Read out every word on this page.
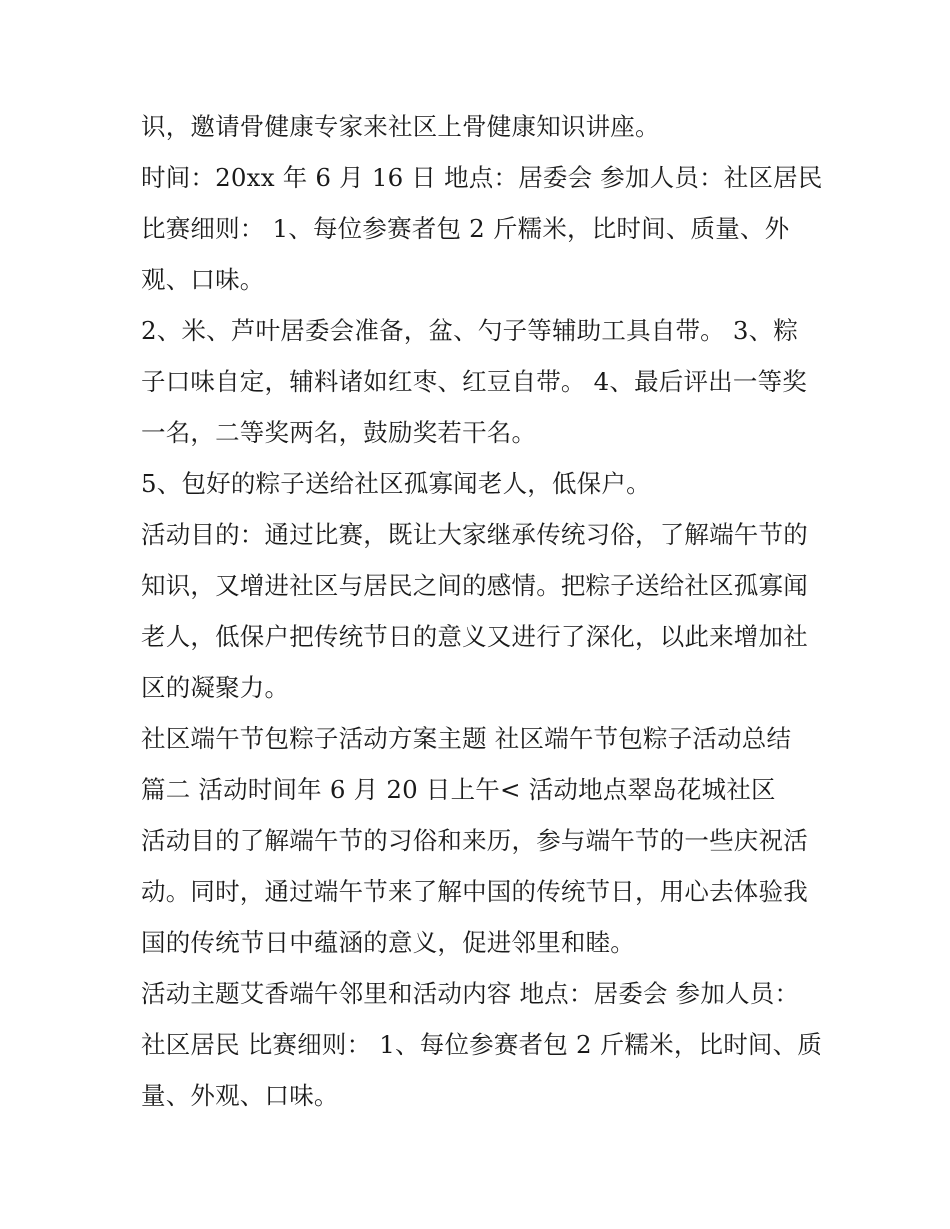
识，邀请骨健康专家来社区上骨健康知识讲座。
时间：20xx 年 6 月 16 日 地点：居委会 参加人员：社区居民
比赛细则： 1、每位参赛者包 2 斤糯米，比时间、质量、外
观、口味。
2、米、芦叶居委会准备，盆、勺子等辅助工具自带。 3、粽
子口味自定，辅料诸如红枣、红豆自带。 4、最后评出一等奖
一名，二等奖两名，鼓励奖若干名。
5、包好的粽子送给社区孤寡闻老人，低保户。
活动目的：通过比赛，既让大家继承传统习俗，了解端午节的
知识，又增进社区与居民之间的感情。把粽子送给社区孤寡闻
老人，低保户把传统节日的意义又进行了深化，以此来增加社
区的凝聚力。
社区端午节包粽子活动方案主题 社区端午节包粽子活动总结
篇二 活动时间年 6 月 20 日上午< 活动地点翠岛花城社区
活动目的了解端午节的习俗和来历，参与端午节的一些庆祝活
动。同时，通过端午节来了解中国的传统节日，用心去体验我
国的传统节日中蕴涵的意义，促进邻里和睦。
活动主题艾香端午邻里和活动内容 地点：居委会 参加人员：
社区居民 比赛细则： 1、每位参赛者包 2 斤糯米，比时间、质
量、外观、口味。
